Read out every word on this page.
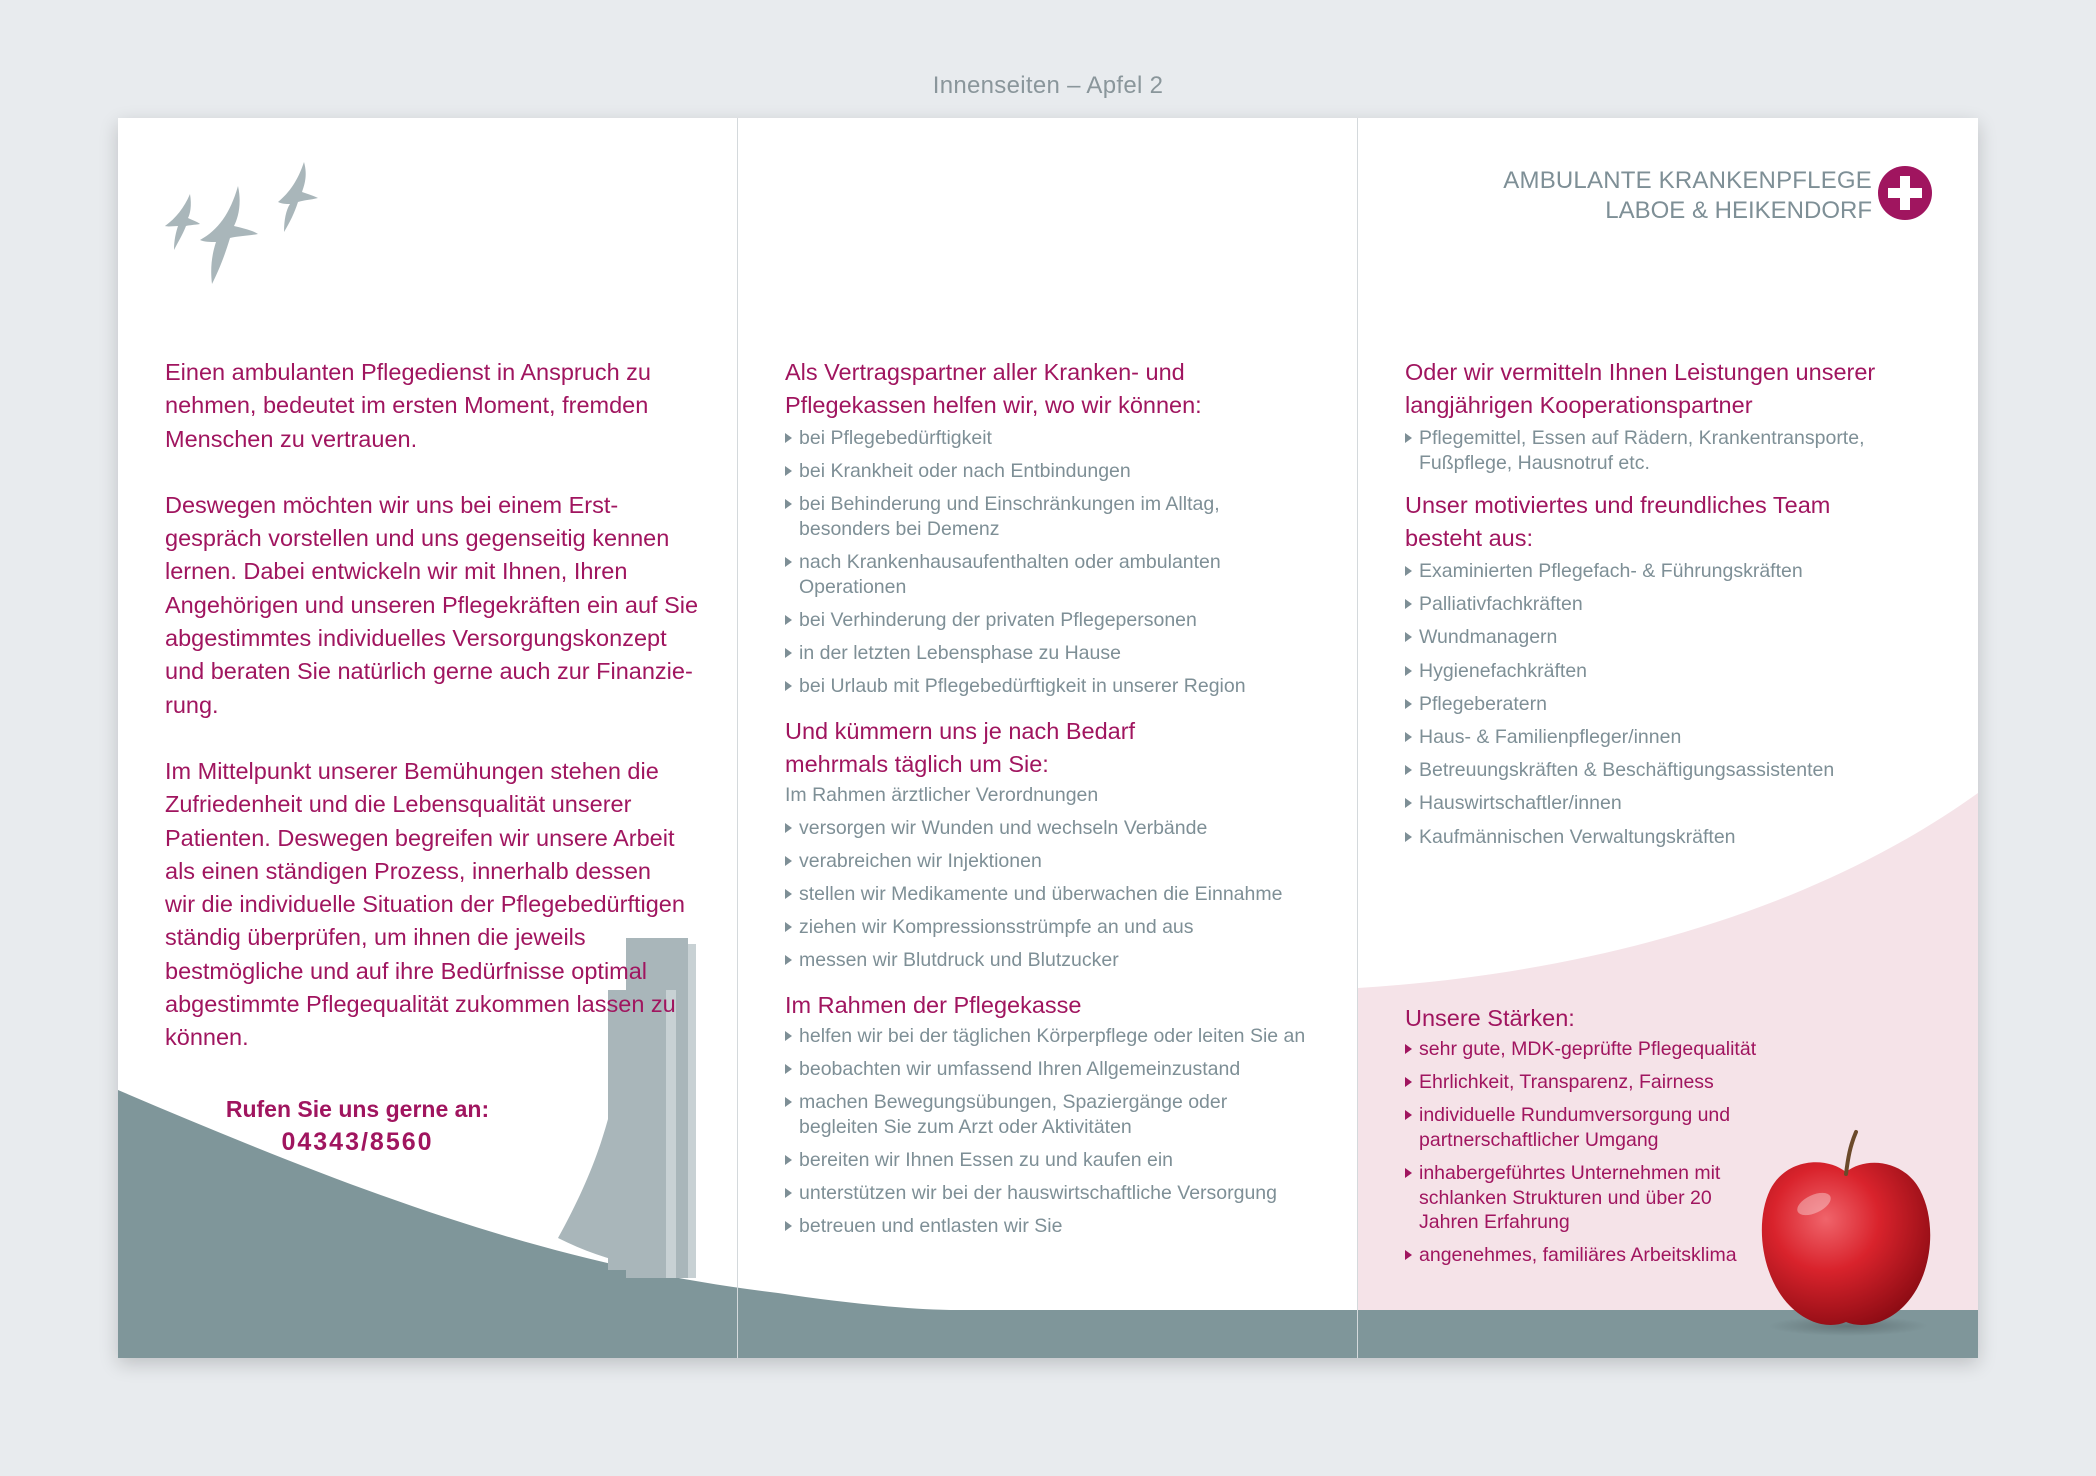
Innenseiten – Apfel 2

Einen ambulanten Pflegedienst in Anspruch zu nehmen, bedeutet im ersten Moment, fremden Menschen zu vertrauen.

Deswegen möchten wir uns bei einem Erst-gespräch vorstellen und uns gegenseitig kennen lernen. Dabei entwickeln wir mit Ihnen, Ihren Angehörigen und unseren Pflegekräften ein auf Sie abgestimmtes individuelles Versorgungskonzept und beraten Sie natürlich gerne auch zur Finanzie-rung.

Im Mittelpunkt unserer Bemühungen stehen die Zufriedenheit und die Lebensqualität unserer Patienten. Deswegen begreifen wir unsere Arbeit als einen ständigen Prozess, innerhalb dessen wir die individuelle Situation der Pflegebedürftigen ständig überprüfen, um ihnen die jeweils bestmögliche und auf ihre Bedürfnisse optimal abgestimmte Pflegequalität zukommen lassen zu können.

Rufen Sie uns gerne an:
04343/8560
Als Vertragspartner aller Kranken- und Pflegekassen helfen wir, wo wir können:
bei Pflegebedürftigkeit
bei Krankheit oder nach Entbindungen
bei Behinderung und Einschränkungen im Alltag, besonders bei Demenz
nach Krankenhausaufenthalten oder ambulanten Operationen
bei Verhinderung der privaten Pflegepersonen
in der letzten Lebensphase zu Hause
bei Urlaub mit Pflegebedürftigkeit in unserer Region
Und kümmern uns je nach Bedarf mehrmals täglich um Sie:
Im Rahmen ärztlicher Verordnungen
versorgen wir Wunden und wechseln Verbände
verabreichen wir Injektionen
stellen wir Medikamente und überwachen die Einnahme
ziehen wir Kompressionsstrümpfe an und aus
messen wir Blutdruck und Blutzucker
Im Rahmen der Pflegekasse
helfen wir bei der täglichen Körperpflege oder leiten Sie an
beobachten wir umfassend Ihren Allgemeinzustand
machen Bewegungsübungen, Spaziergänge oder begleiten Sie zum Arzt oder Aktivitäten
bereiten wir Ihnen Essen zu und kaufen ein
unterstützen wir bei der hauswirtschaftliche Versorgung
betreuen und entlasten wir Sie
AMBULANTE KRANKENPFLEGE
LABOE & HEIKENDORF
Oder wir vermitteln Ihnen Leistungen unserer langjährigen Kooperationspartner
Pflegemittel, Essen auf Rädern, Krankentransporte, Fußpflege, Hausnotruf etc.
Unser motiviertes und freundliches Team besteht aus:
Examinierten Pflegefach- & Führungskräften
Palliativfachkräften
Wundmanagern
Hygienefachkräften
Pflegeberatern
Haus- & Familienpfleger/innen
Betreuungskräften & Beschäftigungsassistenten
Hauswirtschaftler/innen
Kaufmännischen Verwaltungskräften
Unsere Stärken:
sehr gute, MDK-geprüfte Pflegequalität
Ehrlichkeit, Transparenz, Fairness
individuelle Rundumversorgung und partnerschaftlicher Umgang
inhabergeführtes Unternehmen mit schlanken Strukturen und über 20 Jahren Erfahrung
angenehmes, familiäres Arbeitsklima
